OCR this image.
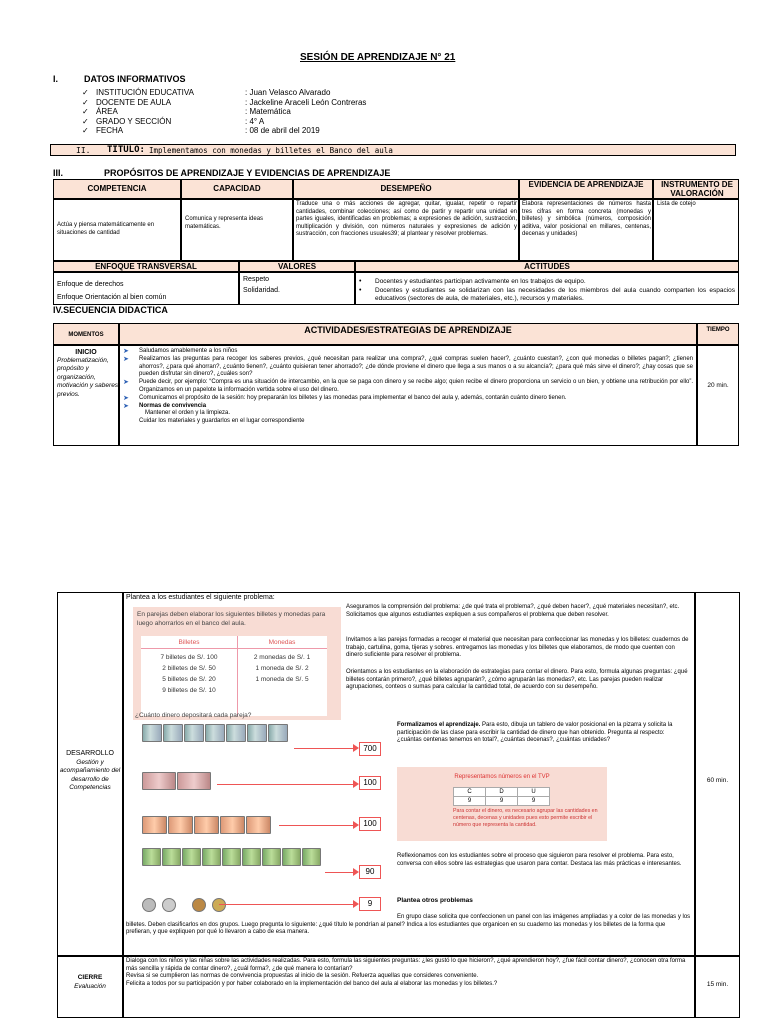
SESIÓN DE APRENDIZAJE N° 21
I.	DATOS INFORMATIVOS
✓ INSTITUCIÓN EDUCATIVA	: Juan Velasco Alvarado
✓ DOCENTE DE AULA	: Jackeline Araceli León Contreras
✓ ÁREA	: Matemática
✓ GRADO Y SECCIÓN	: 4° A
✓ FECHA	: 08 de abril del 2019
II. TITULO: Implementamos con monedas y billetes el Banco del aula
III.	PROPÓSITOS DE APRENDIZAJE Y EVIDENCIAS DE APRENDIZAJE
COMPETENCIA	CAPACIDAD	DESEMPEÑO	EVIDENCIA DE APRENDIZAJE	INSTRUMENTO DE VALORACIÓN
Actúa y piensa matemáticamente en situaciones de cantidad
Comunica y representa ideas matemáticas.
Traduce una o más acciones de agregar, quitar, igualar, repetir o repartir cantidades, combinar colecciones; así como de partir y repartir una unidad en partes iguales, identificadas en problemas; a expresiones de adición, sustracción, multiplicación y división, con números naturales y expresiones de adición y sustracción, con fracciones usuales39; al plantear y resolver problemas.
Elabora representaciones de números hasta tres cifras en forma concreta (monedas y billetes) y simbólica (números, composición aditiva, valor posicional en millares, centenas, decenas y unidades)
Lista de cotejo
ENFOQUE TRANSVERSAL	VALORES	ACTITUDES
Enfoque de derechos
Enfoque Orientación al bien común
Respeto
Solidaridad.
• Docentes y estudiantes participan activamente en los trabajos de equipo.
• Docentes y estudiantes se solidarizan con las necesidades de los miembros del aula cuando comparten los espacios educativos (sectores de aula, de materiales, etc.), recursos y materiales.
IV.SECUENCIA DIDACTICA
MOMENTOS	ACTIVIDADES/ESTRATEGIAS DE APRENDIZAJE	TIEMPO
INICIO
Problematización, propósito y organización, motivación y saberes previos.
20 min.
➤ Saludamos amablemente a los niños
➤ Realizamos las preguntas para recoger los saberes previos, ¿qué necesitan para realizar una compra?, ¿qué compras suelen hacer?, ¿cuánto cuestan?, ¿con qué monedas o billetes pagan?; ¿tienen ahorros?, ¿para qué ahorran?, ¿cuánto tienen?, ¿cuánto quisieran tener ahorrado?; ¿de dónde proviene el dinero que llega a sus manos o a su alcancía?; ¿para qué más sirve el dinero?; ¿hay cosas que se pueden disfrutar sin dinero?, ¿cuáles son?
➤ Puede decir, por ejemplo: “Compra es una situación de intercambio, en la que se paga con dinero y se recibe algo; quien recibe el dinero proporciona un servicio o un bien, y obtiene una retribución por ello”. Organizamos en un papelote la información vertida sobre el uso del dinero.
➤ Comunicamos el propósito de la sesión: hoy prepararán los billetes y las monedas para implementar el banco del aula y, además, contarán cuánto dinero tienen.
➤ Normas de convivencia
Mantener el orden y la limpieza.
Cuidar los materiales y guardarlos en el lugar correspondiente
DESARROLLO
Gestión y acompañamiento del desarrollo de Competencias
60 min.
Plantea a los estudiantes el siguiente problema:
En parejas deben elaborar los siguientes billetes y monedas para luego ahorrarlos en el banco del aula.
Billetes	Monedas
7 billetes de S/. 100
2 billetes de S/. 50
5 billetes de S/. 20
9 billetes de S/. 10
2 monedas de S/. 1
1 moneda de S/. 2
1 moneda de S/. 5
¿Cuánto dinero depositará cada pareja?
Aseguramos la comprensión del problema: ¿de qué trata el problema?, ¿qué deben hacer?, ¿qué materiales necesitan?, etc. Solicitamos que algunos estudiantes expliquen a sus compañeros el problema que deben resolver.
Invitamos a las parejas formadas a recoger el material que necesitan para confeccionar las monedas y los billetes: cuadernos de trabajo, cartulina, goma, tijeras y sobres. entregamos las monedas y los billetes que elaboramos, de modo que cuenten con dinero suficiente para resolver el problema.
Orientamos a los estudiantes en la elaboración de estrategias para contar el dinero. Para esto, formula algunas preguntas: ¿qué billetes contarán primero?, ¿qué billetes agruparán?, ¿cómo agruparán las monedas?, etc. Las parejas pueden realizar agrupaciones, conteos o sumas para calcular la cantidad total, de acuerdo con su desempeño.
700
100
100
90
9
Formalizamos el aprendizaje. Para esto, dibuja un tablero de valor posicional en la pizarra y solicita la participación de las clase para escribir la cantidad de dinero que han obtenido. Pregunta al respecto: ¿cuántas centenas tenemos en total?, ¿cuántas decenas?, ¿cuántas unidades?
Representamos números en el TVP
C	D	U
9	9	9
Para contar el dinero, es necesario agrupar las cantidades en centenas, decenas y unidades pues esto permite escribir el número que representa la cantidad.
Reflexionamos con los estudiantes sobre el proceso que siguieron para resolver el problema. Para esto, conversa con ellos sobre las estrategias que usaron para contar. Destaca las más prácticas e interesantes.
Plantea otros problemas
En grupo clase solicita que confeccionen un panel con las imágenes ampliadas y a color de las monedas y los billetes. Deben clasificarlos en dos grupos. Luego pregunta lo siguiente: ¿qué título le pondrían al panel? Indica a los estudiantes que organicen en su cuaderno las monedas y los billetes de la forma que prefieran, y que expliquen por qué lo llevaron a cabo de esa manera.
CIERRE
Evaluación	15 min.
Dialoga con los niños y las niñas sobre las actividades realizadas. Para esto, formula las siguientes preguntas: ¿les gustó lo que hicieron?, ¿qué aprendieron hoy?, ¿fue fácil contar dinero?, ¿conocen otra forma más sencilla y rápida de contar dinero?, ¿cuál forma?, ¿de qué manera lo contarían?
Revisa si se cumplieron las normas de convivencia propuestas al inicio de la sesión. Refuerza aquellas que consideres conveniente.
Felicita a todos por su participación y por haber colaborado en la implementación del banco del aula al elaborar las monedas y los billetes.?
